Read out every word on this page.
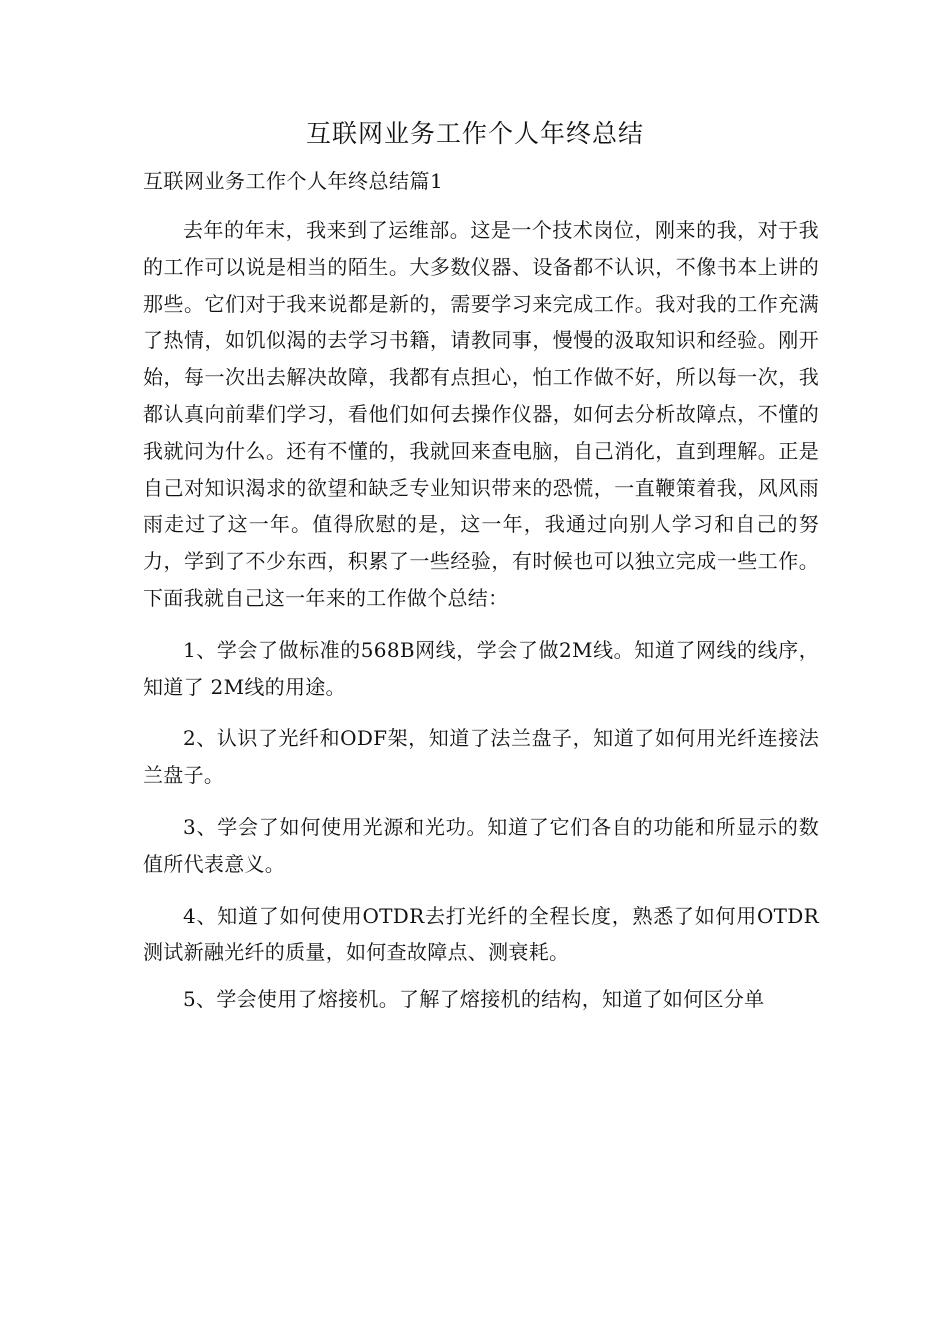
互联网业务工作个人年终总结
互联网业务工作个人年终总结篇1

去年的年末，我来到了运维部。这是一个技术岗位，刚来的我，对于我的工作可以说是相当的陌生。大多数仪器、设备都不认识，不像书本上讲的那些。它们对于我来说都是新的，需要学习来完成工作。我对我的工作充满了热情，如饥似渴的去学习书籍，请教同事，慢慢的汲取知识和经验。刚开始，每一次出去解决故障，我都有点担心，怕工作做不好，所以每一次，我都认真向前辈们学习，看他们如何去操作仪器，如何去分析故障点，不懂的我就问为什么。还有不懂的，我就回来查电脑，自己消化，直到理解。正是自己对知识渴求的欲望和缺乏专业知识带来的恐慌，一直鞭策着我，风风雨雨走过了这一年。值得欣慰的是，这一年，我通过向别人学习和自己的努力，学到了不少东西，积累了一些经验，有时候也可以独立完成一些工作。下面我就自己这一年来的工作做个总结：

1、学会了做标准的568B网线，学会了做2M线。知道了网线的线序，知道了 2M线的用途。

2、认识了光纤和ODF架，知道了法兰盘子，知道了如何用光纤连接法兰盘子。

3、学会了如何使用光源和光功。知道了它们各自的功能和所显示的数值所代表意义。

4、知道了如何使用OTDR去打光纤的全程长度，熟悉了如何用OTDR测试新融光纤的质量，如何查故障点、测衰耗。

5、学会使用了熔接机。了解了熔接机的结构，知道了如何区分单
